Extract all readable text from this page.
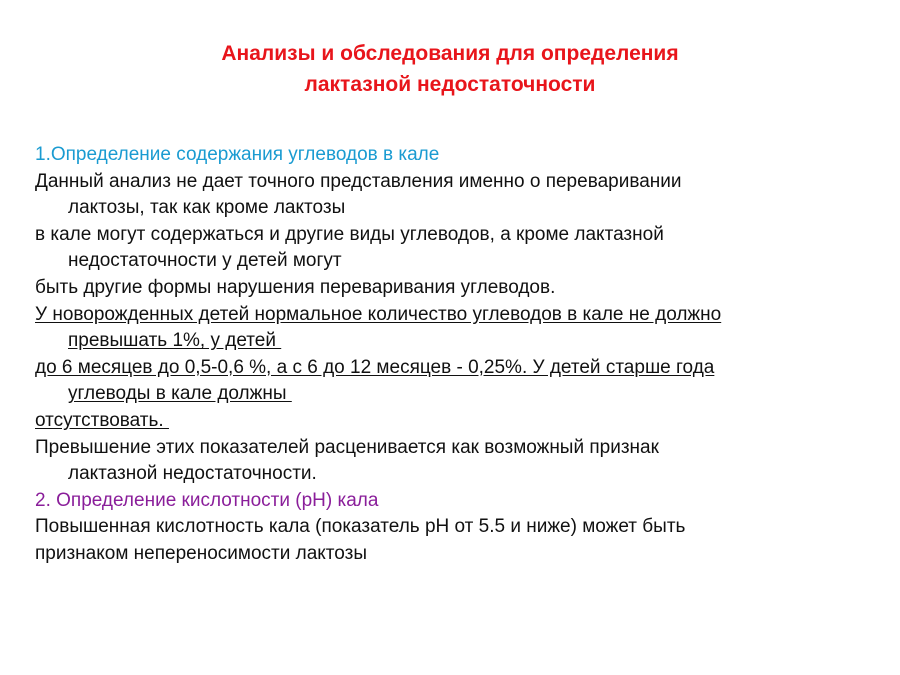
Анализы и обследования для определения
лактазной недостаточности
1.Определение содержания углеводов в кале
Данный анализ не дает точного представления именно о переваривании
лактозы, так как кроме лактозы
в кале могут содержаться и другие виды углеводов, а кроме лактазной
недостаточности у детей могут
быть другие формы нарушения переваривания углеводов.
У новорожденных детей нормальное количество углеводов в кале не должно
превышать 1%, у детей
до 6 месяцев до 0,5-0,6 %, а с 6 до 12 месяцев - 0,25%. У детей старше года
углеводы в кале должны
отсутствовать.
Превышение этих показателей расценивается как возможный признак
лактазной недостаточности.
2. Определение кислотности (pH) кала
Повышенная кислотность кала (показатель pH от 5.5 и ниже) может быть
признаком непереносимости лактозы
